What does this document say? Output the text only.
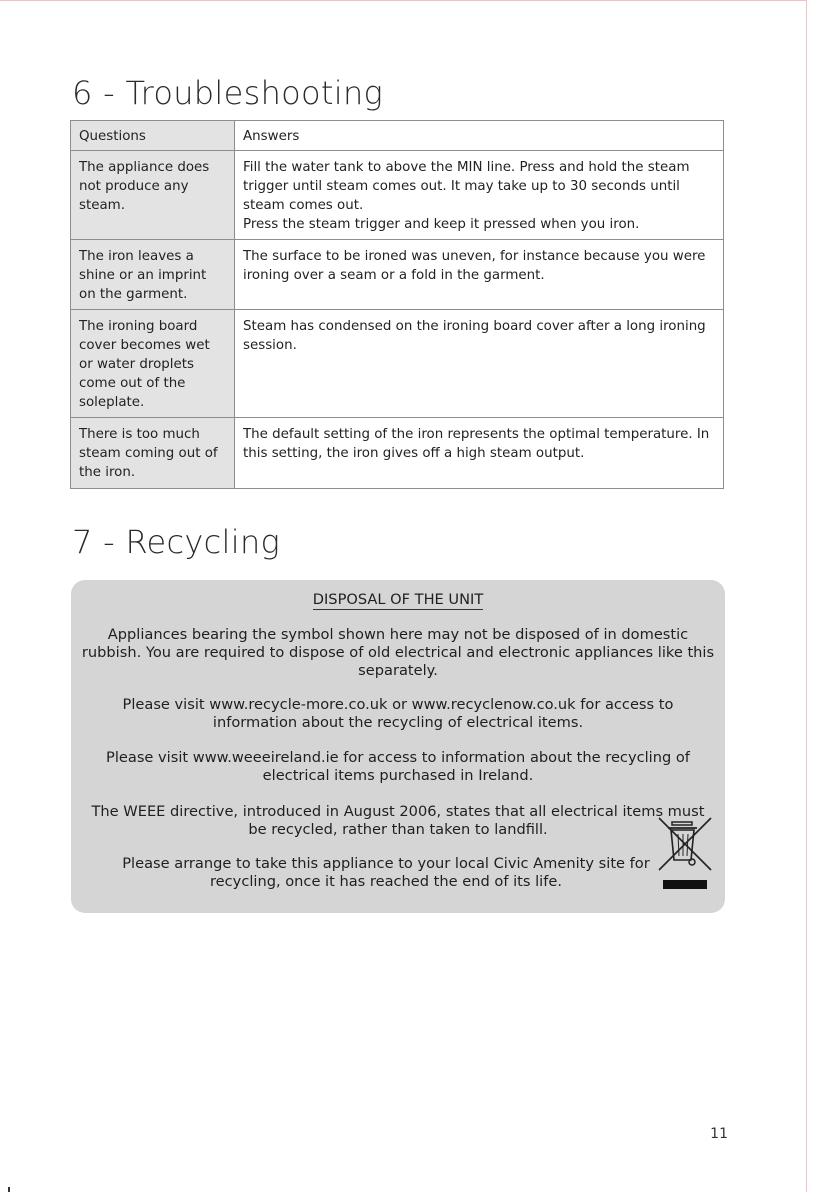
6 - Troubleshooting
Questions	Answers
The appliance does not produce any steam.	Fill the water tank to above the MIN line. Press and hold the steam trigger until steam comes out. It may take up to 30 seconds until steam comes out.
Press the steam trigger and keep it pressed when you iron.

The iron leaves a shine or an imprint on the garment.	The surface to be ironed was uneven, for instance because you were ironing over a seam or a fold in the garment.

The ironing board cover becomes wet or water droplets come out of the soleplate.	Steam has condensed on the ironing board cover after a long ironing session.

There is too much steam coming out of the iron.	The default setting of the iron represents the optimal temperature. In this setting, the iron gives off a high steam output.
7 - Recycling
DISPOSAL OF THE UNIT

Appliances bearing the symbol shown here may not be disposed of in domestic rubbish. You are required to dispose of old electrical and electronic appliances like this separately.

Please visit www.recycle-more.co.uk or www.recyclenow.co.uk for access to information about the recycling of electrical items.

Please visit www.weeeireland.ie for access to information about the recycling of electrical items purchased in Ireland.

The WEEE directive, introduced in August 2006, states that all electrical items must be recycled, rather than taken to landfill.

Please arrange to take this appliance to your local Civic Amenity site for recycling, once it has reached the end of its life.

11
